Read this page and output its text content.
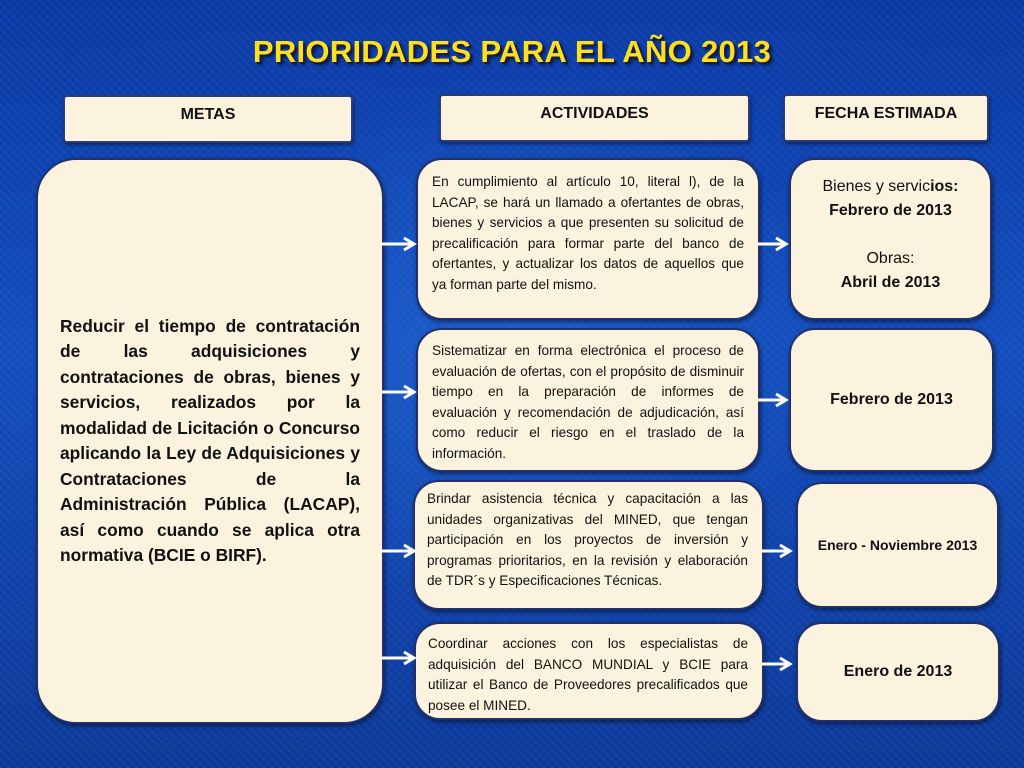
PRIORIDADES PARA EL AÑO 2013
METAS	ACTIVIDADES	FECHA ESTIMADA

Reducir el tiempo de contratación de las adquisiciones y contrataciones de obras, bienes y servicios, realizados por la modalidad de Licitación o Concurso aplicando la Ley de Adquisiciones y Contrataciones de la Administración Pública (LACAP), así como cuando se aplica otra normativa (BCIE o BIRF).

En cumplimiento al artículo 10, literal l), de la LACAP, se hará un llamado a ofertantes de obras, bienes y servicios a que presenten su solicitud de precalificación para formar parte del banco de ofertantes, y actualizar los datos de aquellos que ya forman parte del mismo.
Sistematizar en forma electrónica el proceso de evaluación de ofertas, con el propósito de disminuir tiempo en la preparación de informes de evaluación y recomendación de adjudicación, así como reducir el riesgo en el traslado de la información.
Brindar asistencia técnica y capacitación a las unidades organizativas del MINED, que tengan participación en los proyectos de inversión y programas prioritarios, en la revisión y elaboración de TDR´s y Especificaciones Técnicas.
Coordinar acciones con los especialistas de adquisición del BANCO MUNDIAL y BCIE para utilizar el Banco de Proveedores precalificados que posee el MINED.
Bienes y servicios:
Febrero de 2013
Obras:
Abril de 2013
Febrero de 2013
Enero - Noviembre 2013
Enero de 2013
